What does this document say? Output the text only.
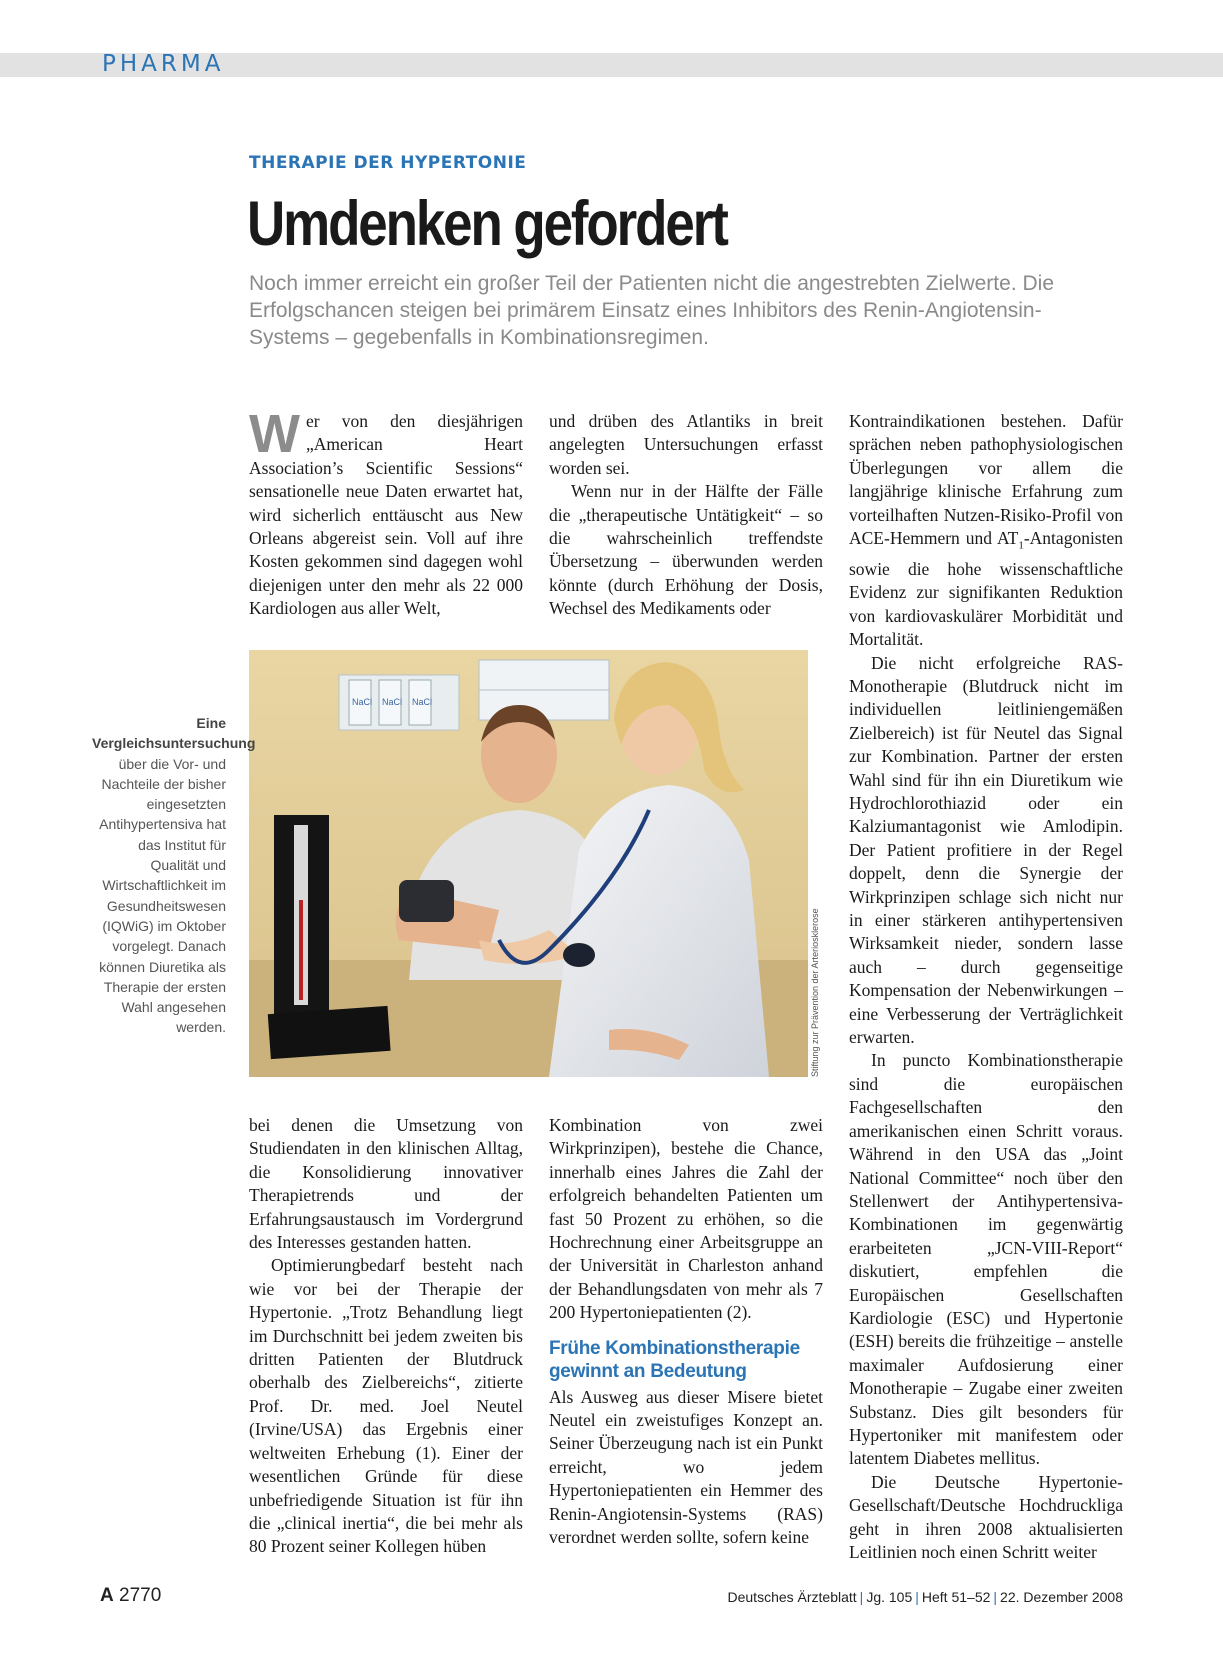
PHARMA
THERAPIE DER HYPERTONIE
Umdenken gefordert

Noch immer erreicht ein großer Teil der Patienten nicht die angestrebten Zielwerte. Die Erfolgschancen steigen bei primärem Einsatz eines Inhibitors des Renin-Angiotensin-Systems – gegebenfalls in Kombinationsregimen.

Wer von den diesjährigen „American Heart Association’s Scientific Sessions“ sensationelle neue Daten erwartet hat, wird sicherlich enttäuscht aus New Orleans abgereist sein. Voll auf ihre Kosten gekommen sind dagegen wohl diejenigen unter den mehr als 22 000 Kardiologen aus aller Welt,

und drüben des Atlantiks in breit angelegten Untersuchungen erfasst worden sei.

Wenn nur in der Hälfte der Fälle die „therapeutische Untätigkeit“ – so die wahrscheinlich treffendste Übersetzung – überwunden werden könnte (durch Erhöhung der Dosis, Wechsel des Medikaments oder

Kontraindikationen bestehen. Dafür sprächen neben pathophysiologischen Überlegungen vor allem die langjährige klinische Erfahrung zum vorteilhaften Nutzen-Risiko-Profil von ACE-Hemmern und $AT_1$-Antagonisten sowie die hohe wissenschaftliche Evidenz zur signifikanten Reduktion von kardiovaskulärer Morbidität und Mortalität.

Die nicht erfolgreiche RAS-Monotherapie (Blutdruck nicht im individuellen leitliniengemäßen Zielbereich) ist für Neutel das Signal zur Kombination. Partner der ersten Wahl sind für ihn ein Diuretikum wie Hydrochlorothiazid oder ein Kalziumantagonist wie Amlodipin. Der Patient profitiere in der Regel doppelt, denn die Synergie der Wirkprinzipen schlage sich nicht nur in einer stärkeren antihypertensiven Wirksamkeit nieder, sondern lasse auch – durch gegenseitige Kompensation der Nebenwirkungen – eine Verbesserung der Verträglichkeit erwarten.

In puncto Kombinationstherapie sind die europäischen Fachgesellschaften den amerikanischen einen Schritt voraus. Während in den USA das „Joint National Committee“ noch über den Stellenwert der Antihypertensiva-Kombinationen im gegenwärtig erarbeiteten „JCN-VIII-Report“ diskutiert, empfehlen die Europäischen Gesellschaften Kardiologie (ESC) und Hypertonie (ESH) bereits die frühzeitige – anstelle maximaler Aufdosierung einer Monotherapie – Zugabe einer zweiten Substanz. Dies gilt besonders für Hypertoniker mit manifestem oder latentem Diabetes mellitus.

Die Deutsche Hypertonie-Gesellschaft/Deutsche Hochdruckliga geht in ihren 2008 aktualisierten Leitlinien noch einen Schritt weiter

NaCl NaCl NaCl
Stiftung zur Prävention der Arteriosklerose
Eine Vergleichsuntersuchung über die Vor- und Nachteile der bisher eingesetzten Antihypertensiva hat das Institut für Qualität und Wirtschaftlichkeit im Gesundheitswesen (IQWiG) im Oktober vorgelegt. Danach können Diuretika als Therapie der ersten Wahl angesehen werden.

bei denen die Umsetzung von Studiendaten in den klinischen Alltag, die Konsolidierung innovativer Therapietrends und der Erfahrungsaustausch im Vordergrund des Interesses gestanden hatten.

Optimierungbedarf besteht nach wie vor bei der Therapie der Hypertonie. „Trotz Behandlung liegt im Durchschnitt bei jedem zweiten bis dritten Patienten der Blutdruck oberhalb des Zielbereichs“, zitierte Prof. Dr. med. Joel Neutel (Irvine/USA) das Ergebnis einer weltweiten Erhebung (1). Einer der wesentlichen Gründe für diese unbefriedigende Situation ist für ihn die „clinical inertia“, die bei mehr als 80 Prozent seiner Kollegen hüben

Kombination von zwei Wirkprinzipen), bestehe die Chance, innerhalb eines Jahres die Zahl der erfolgreich behandelten Patienten um fast 50 Prozent zu erhöhen, so die Hochrechnung einer Arbeitsgruppe an der Universität in Charleston anhand der Behandlungsdaten von mehr als 7 200 Hypertoniepatienten (2).

Frühe Kombinationstherapie gewinnt an Bedeutung

Als Ausweg aus dieser Misere bietet Neutel ein zweistufiges Konzept an. Seiner Überzeugung nach ist ein Punkt erreicht, wo jedem Hypertoniepatienten ein Hemmer des Renin-Angiotensin-Systems (RAS) verordnet werden sollte, sofern keine

A 2770	Deutsches Ärzteblatt | Jg. 105 | Heft 51–52 | 22. Dezember 2008
